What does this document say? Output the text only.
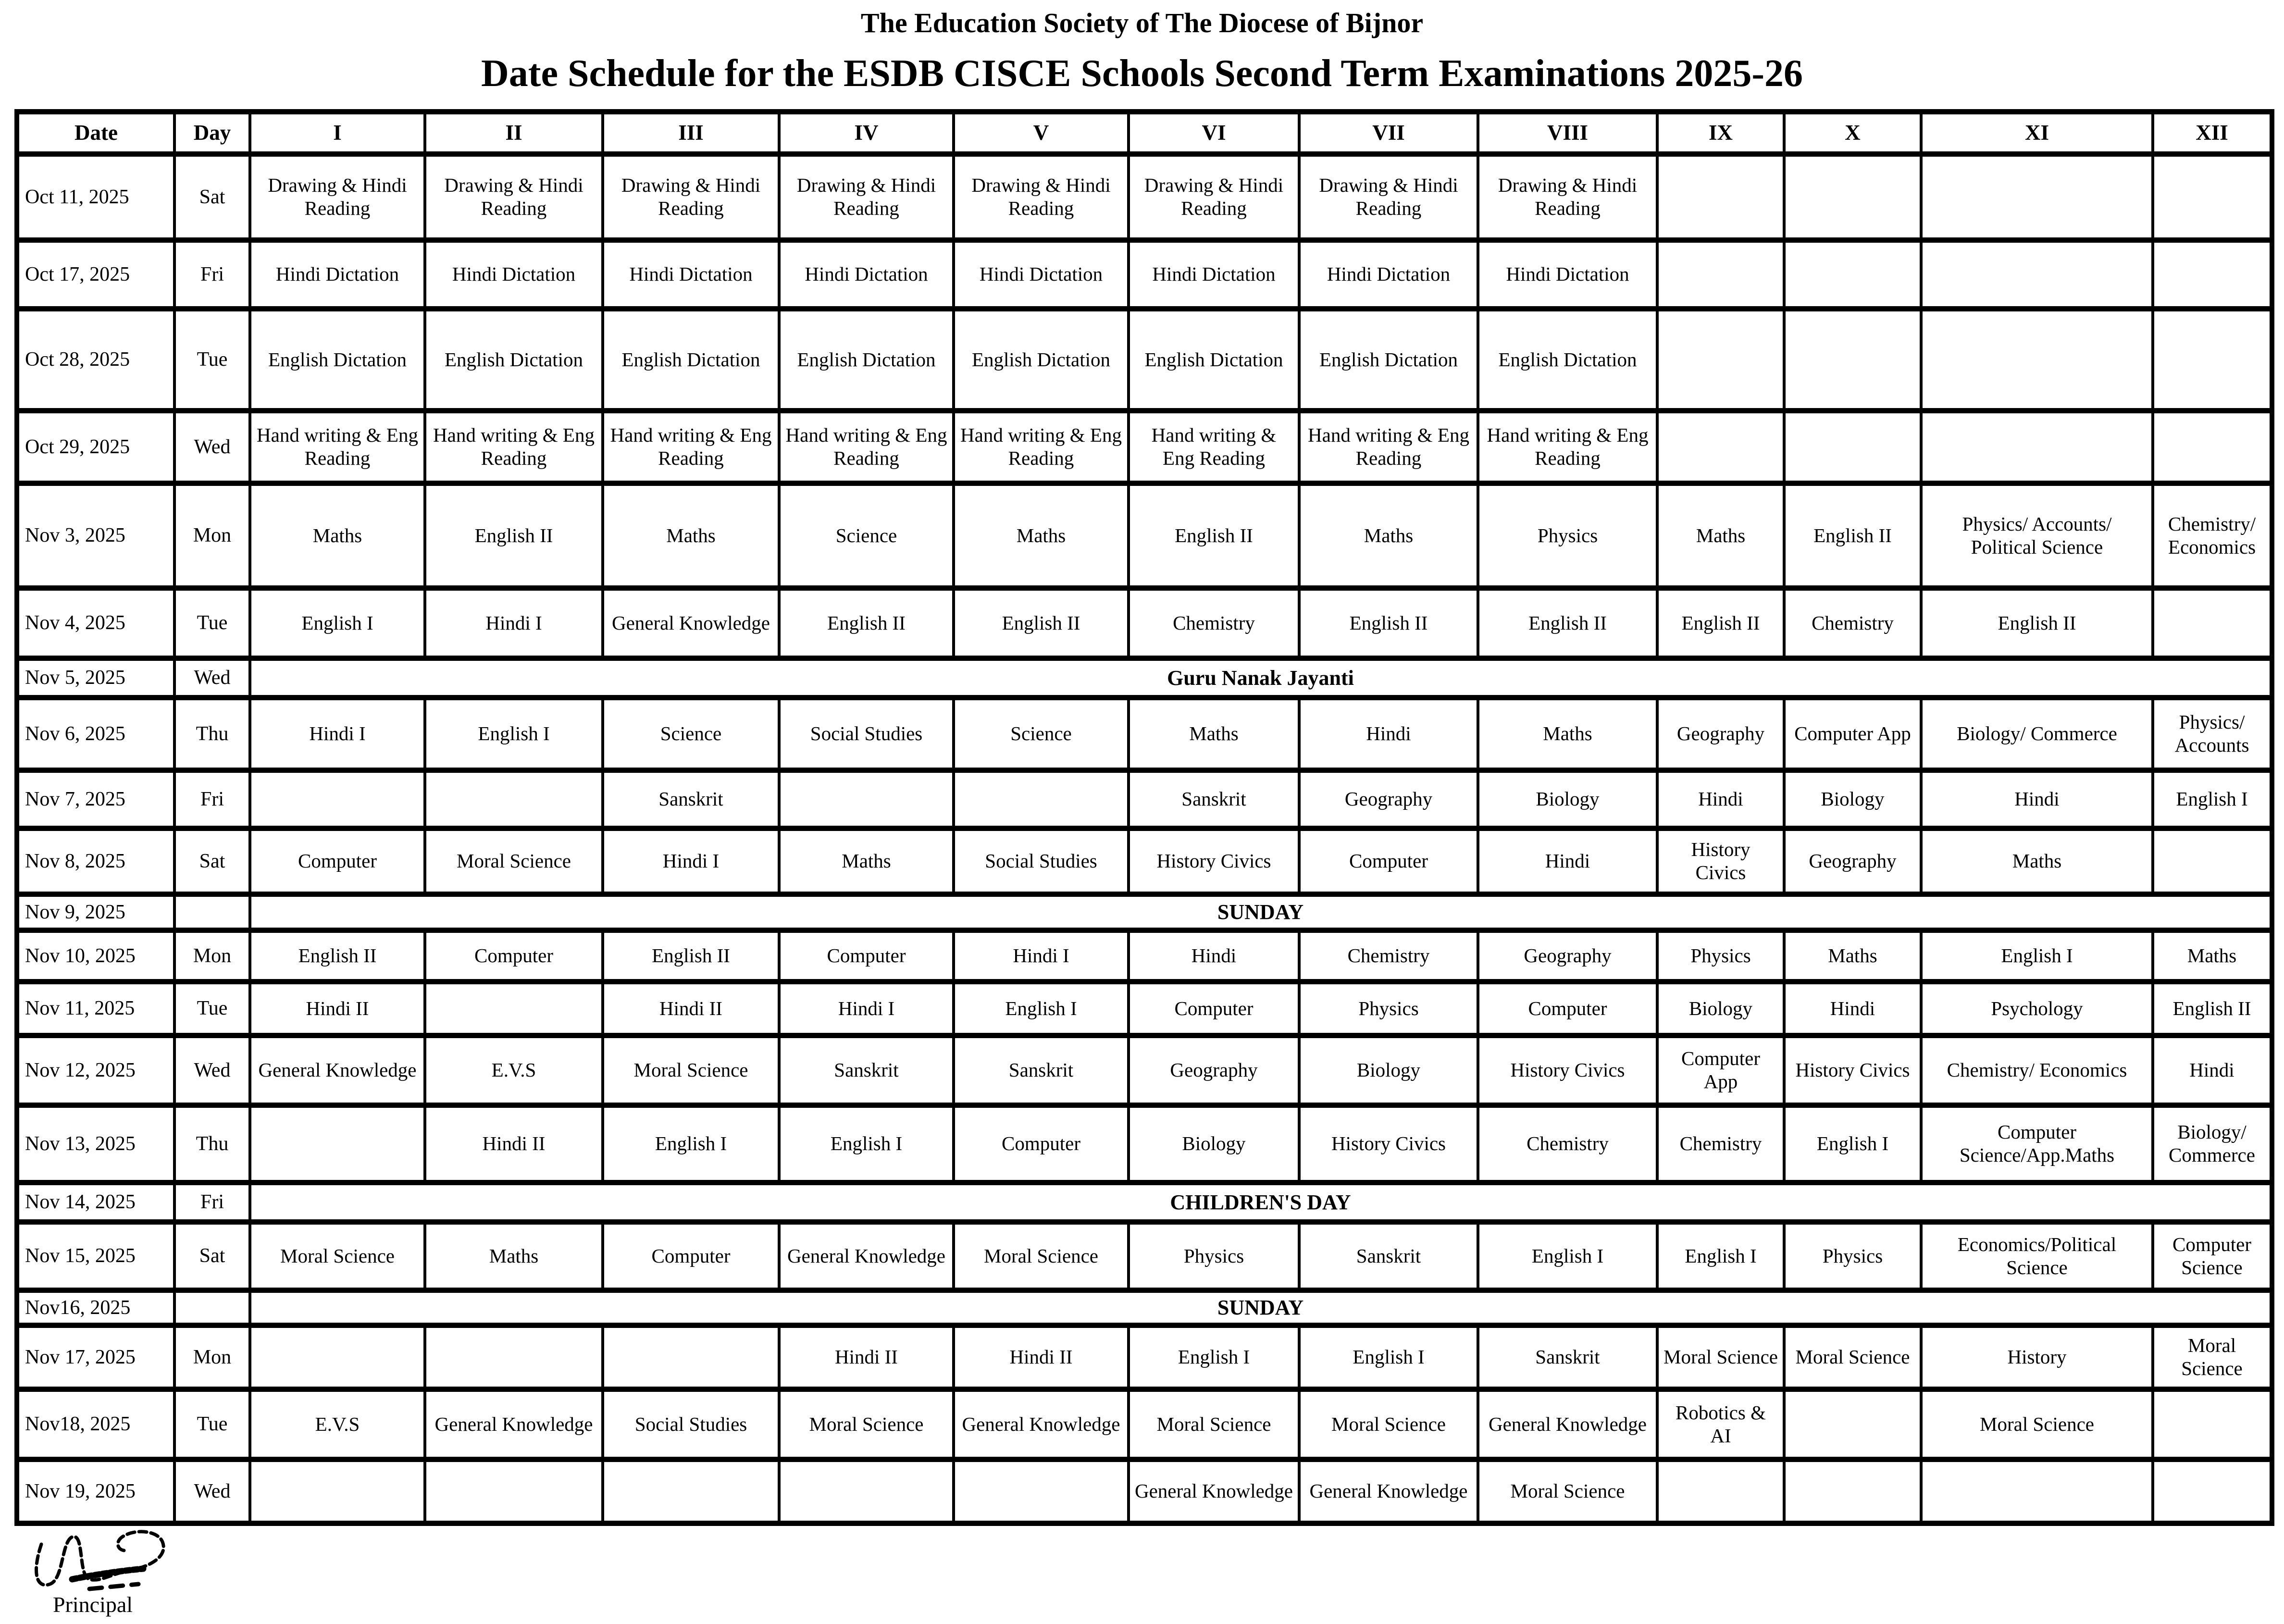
The Education Society of The Diocese of Bijnor
Date Schedule for the ESDB CISCE Schools Second Term Examinations 2025-26
Date	Day	I	II	III	IV	V	VI	VII	VIII	IX	X	XI	XII
Oct 11, 2025	Sat	Drawing & Hindi Reading	Drawing & Hindi Reading	Drawing & Hindi Reading	Drawing & Hindi Reading	Drawing & Hindi Reading	Drawing & Hindi Reading	Drawing & Hindi Reading	Drawing & Hindi Reading				
Oct 17, 2025	Fri	Hindi Dictation	Hindi Dictation	Hindi Dictation	Hindi Dictation	Hindi Dictation	Hindi Dictation	Hindi Dictation	Hindi Dictation				
Oct 28, 2025	Tue	English Dictation	English Dictation	English Dictation	English Dictation	English Dictation	English Dictation	English Dictation	English Dictation				
Oct 29, 2025	Wed	Hand writing & Eng Reading	Hand writing & Eng Reading	Hand writing & Eng Reading	Hand writing & Eng Reading	Hand writing & Eng Reading	Hand writing & Eng Reading	Hand writing & Eng Reading	Hand writing & Eng Reading				
Nov 3, 2025	Mon	Maths	English II	Maths	Science	Maths	English II	Maths	Physics	Maths	English II	Physics/ Accounts/ Political Science	Chemistry/ Economics
Nov 4, 2025	Tue	English I	Hindi I	General Knowledge	English II	English II	Chemistry	English II	English II	English II	Chemistry	English II	
Nov 5, 2025	Wed	Guru Nanak Jayanti											
Nov 6, 2025	Thu	Hindi I	English I	Science	Social Studies	Science	Maths	Hindi	Maths	Geography	Computer App	Biology/ Commerce	Physics/ Accounts
Nov 7, 2025	Fri			Sanskrit			Sanskrit	Geography	Biology	Hindi	Biology	Hindi	English I
Nov 8, 2025	Sat	Computer	Moral Science	Hindi I	Maths	Social Studies	History Civics	Computer	Hindi	History Civics	Geography	Maths	
Nov 9, 2025		SUNDAY											
Nov 10, 2025	Mon	English II	Computer	English II	Computer	Hindi I	Hindi	Chemistry	Geography	Physics	Maths	English I	Maths
Nov 11, 2025	Tue	Hindi II		Hindi II	Hindi I	English I	Computer	Physics	Computer	Biology	Hindi	Psychology	English II
Nov 12, 2025	Wed	General Knowledge	E.V.S	Moral Science	Sanskrit	Sanskrit	Geography	Biology	History Civics	Computer App	History Civics	Chemistry/ Economics	Hindi
Nov 13, 2025	Thu		Hindi II	English I	English I	Computer	Biology	History Civics	Chemistry	Chemistry	English I	Computer Science/App.Maths	Biology/ Commerce
Nov 14, 2025	Fri	CHILDREN'S DAY											
Nov 15, 2025	Sat	Moral Science	Maths	Computer	General Knowledge	Moral Science	Physics	Sanskrit	English I	English I	Physics	Economics/Political Science	Computer Science
Nov16, 2025		SUNDAY											
Nov 17, 2025	Mon				Hindi II	Hindi II	English I	English I	Sanskrit	Moral Science	Moral Science	History	Moral Science
Nov18, 2025	Tue	E.V.S	General Knowledge	Social Studies	Moral Science	General Knowledge	Moral Science	Moral Science	General Knowledge	Robotics & AI		Moral Science	
Nov 19, 2025	Wed						General Knowledge	General Knowledge	Moral Science				
Principal
